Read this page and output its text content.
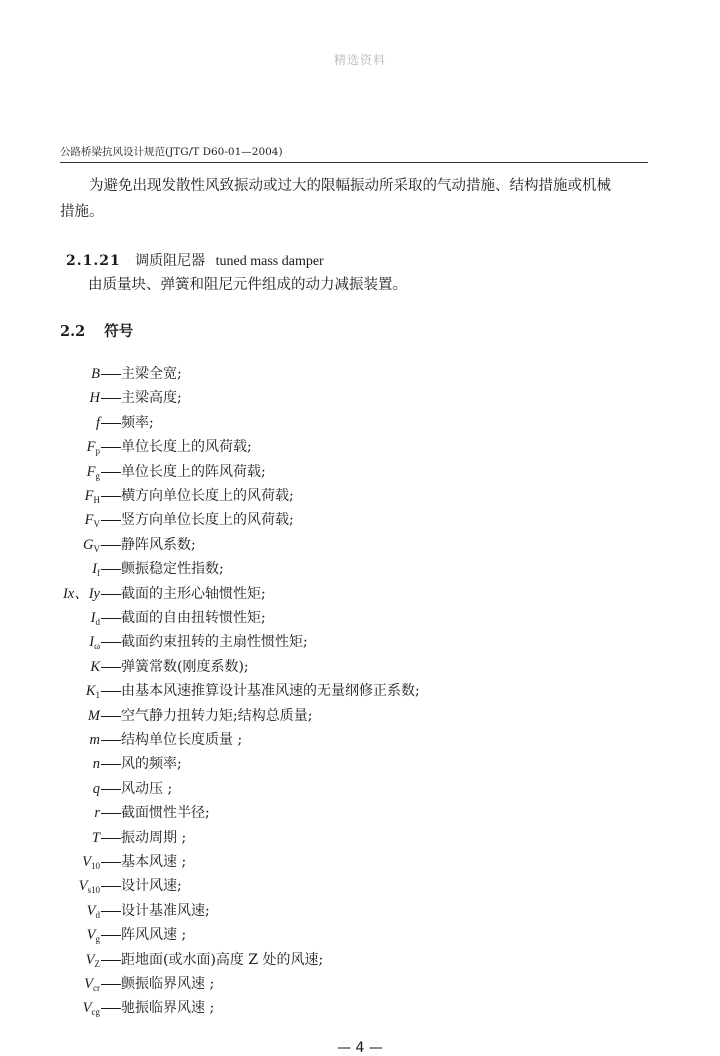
精选资料
公路桥梁抗风设计规范(JTG/T D60-01—2004)
为避免出现发散性风致振动或过大的限幅振动所采取的气动措施、结构措施或机械
措施。
2.1.21 调质阻尼器 tuned mass damper
由质量块、弹簧和阻尼元件组成的动力减振装置。
2.2 符号
B 主梁全宽;
H 主梁高度;
f 频率;
$F_p$ 单位长度上的风荷载;
$F_g$ 单位长度上的阵风荷载;
$F_H$ 横方向单位长度上的风荷载;
$F_V$ 竖方向单位长度上的风荷载;
$G_V$ 静阵风系数;
$I_f$ 颤振稳定性指数;
Ix、Iy 截面的主形心轴惯性矩;
$I_d$ 截面的自由扭转惯性矩;
$I_\omega$ 截面约束扭转的主扇性惯性矩;
K 弹簧常数(刚度系数);
$K_1$ 由基本风速推算设计基准风速的无量纲修正系数;
M 空气静力扭转力矩;结构总质量;
m 结构单位长度质量 ;
n 风的频率;
q 风动压 ;
r 截面惯性半径;
T 振动周期 ;
$V_{10}$ 基本风速 ;
$V_{s10}$ 设计风速;
$V_d$ 设计基准风速;
$V_g$ 阵风风速 ;
$V_Z$ 距地面(或水面)高度 Z 处的风速;
$V_{cr}$ 颤振临界风速 ;
$V_{cg}$ 驰振临界风速 ;
— 4 —
